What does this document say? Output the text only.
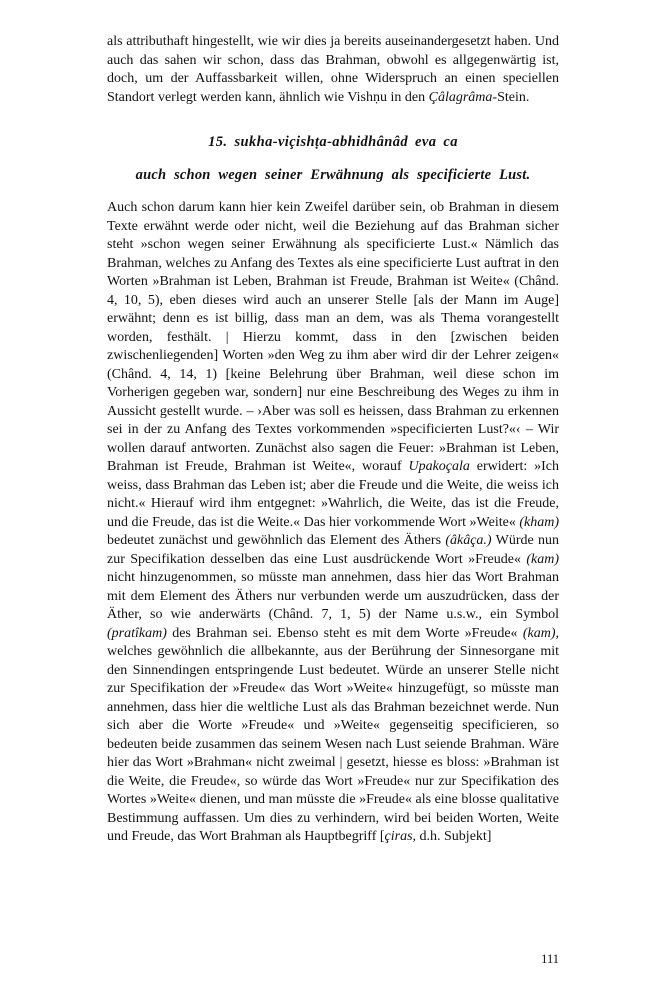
als attributhaft hingestellt, wie wir dies ja bereits auseinandergesetzt haben. Und auch das sahen wir schon, dass das Brahman, obwohl es allgegenwärtig ist, doch, um der Auffassbarkeit willen, ohne Widerspruch an einen speciellen Standort verlegt werden kann, ähnlich wie Vishṇu in den Çâlagrâma-Stein.

15. sukha-viçishṭa-abhidhânâd eva ca
auch schon wegen seiner Erwähnung als specificierte Lust.

Auch schon darum kann hier kein Zweifel darüber sein, ob Brahman in diesem Texte erwähnt werde oder nicht, weil die Beziehung auf das Brahman sicher steht »schon wegen seiner Erwähnung als specificierte Lust.« Nämlich das Brahman, welches zu Anfang des Textes als eine specificierte Lust auftrat in den Worten »Brahman ist Leben, Brahman ist Freude, Brahman ist Weite« (Chând. 4, 10, 5), eben dieses wird auch an unserer Stelle [als der Mann im Auge] erwähnt; denn es ist billig, dass man an dem, was als Thema vorangestellt worden, festhält. | Hierzu kommt, dass in den [zwischen beiden zwischenliegenden] Worten »den Weg zu ihm aber wird dir der Lehrer zeigen« (Chând. 4, 14, 1) [keine Belehrung über Brahman, weil diese schon im Vorherigen gegeben war, sondern] nur eine Beschreibung des Weges zu ihm in Aussicht gestellt wurde. – ›Aber was soll es heissen, dass Brahman zu erkennen sei in der zu Anfang des Textes vorkommenden »specificierten Lust?«‹ – Wir wollen darauf antworten. Zunächst also sagen die Feuer: »Brahman ist Leben, Brahman ist Freude, Brahman ist Weite«, worauf Upakoçala erwidert: »Ich weiss, dass Brahman das Leben ist; aber die Freude und die Weite, die weiss ich nicht.« Hierauf wird ihm entgegnet: »Wahrlich, die Weite, das ist die Freude, und die Freude, das ist die Weite.« Das hier vorkommende Wort »Weite« (kham) bedeutet zunächst und gewöhnlich das Element des Äthers (âkâça.) Würde nun zur Specifikation desselben das eine Lust ausdrückende Wort »Freude« (kam) nicht hinzugenommen, so müsste man annehmen, dass hier das Wort Brahman mit dem Element des Äthers nur verbunden werde um auszudrücken, dass der Äther, so wie anderwärts (Chând. 7, 1, 5) der Name u.s.w., ein Symbol (pratîkam) des Brahman sei. Ebenso steht es mit dem Worte »Freude« (kam), welches gewöhnlich die allbekannte, aus der Berührung der Sinnesorgane mit den Sinnendingen entspringende Lust bedeutet. Würde an unserer Stelle nicht zur Specifikation der »Freude« das Wort »Weite« hinzugefügt, so müsste man annehmen, dass hier die weltliche Lust als das Brahman bezeichnet werde. Nun sich aber die Worte »Freude« und »Weite« gegenseitig specificieren, so bedeuten beide zusammen das seinem Wesen nach Lust seiende Brahman. Wäre hier das Wort »Brahman« nicht zweimal | gesetzt, hiesse es bloss: »Brahman ist die Weite, die Freude«, so würde das Wort »Freude« nur zur Specifikation des Wortes »Weite« dienen, und man müsste die »Freude« als eine blosse qualitative Bestimmung auffassen. Um dies zu verhindern, wird bei beiden Worten, Weite und Freude, das Wort Brahman als Hauptbegriff [çiras, d.h. Subjekt]

111
